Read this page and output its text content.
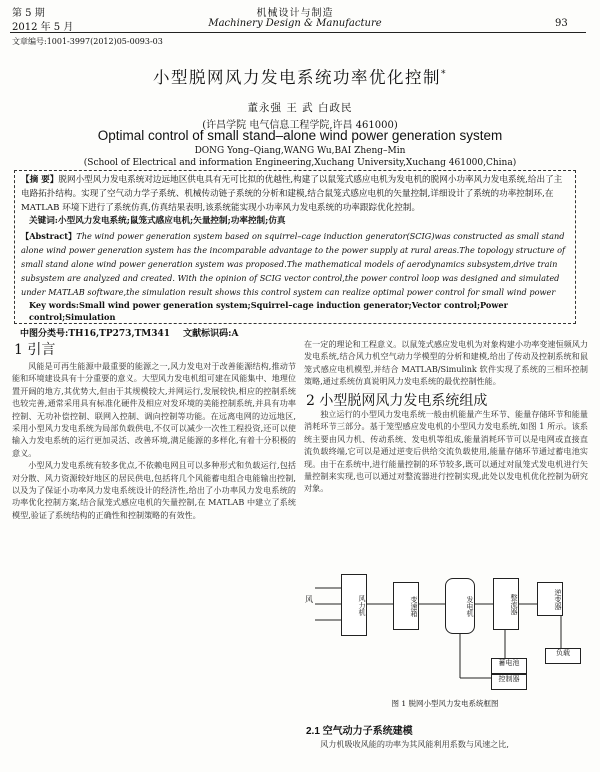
第 5 期
2012 年 5 月
机械设计与制造
Machinery Design & Manufacture	93
文章编号:1001-3997(2012)05-0093-03
小型脱网风力发电系统功率优化控制*
董永强 王 武 白政民
(许昌学院 电气信息工程学院,许昌 461000)
Optimal control of small stand–alone wind power generation system
DONG Yong–Qiang,WANG Wu,BAI Zheng–Min
(School of Electrical and information Engineering,Xuchang University,Xuchang 461000,China)
【摘 要】脱网小型风力发电系统对边远地区供电具有无可比拟的优越性,构建了以鼠笼式感应电机为发电机的脱网小功率风力发电系统,给出了主电路拓扑结构。实现了空气动力学子系统、机械传动链子系统的分析和建模,结合鼠笼式感应电机的矢量控制,详细设计了系统的功率控制环,在 MATLAB 环境下进行了系统仿真,仿真结果表明,该系统能实现小功率风力发电系统的功率跟踪优化控制。
关键词:小型风力发电系统;鼠笼式感应电机;矢量控制;功率控制;仿真
【Abstract】The wind power generation system based on squirrel–cage induction generator(SCIG)was constructed as small stand alone wind power generation system has the incomparable advantage to the power supply at rural areas.The topology structure of small stand alone wind power generation system was proposed.The mathematical models of aerodynamics subsystem,drive train subsystem are analyzed and created. With the opinion of SCIG vector control,the power control loop was designed and simulated under MATLAB software,the simulation result shows this control system can realize optimal power control for small wind power
Key words:Small wind power generation system;Squirrel–cage induction generator;Vector control;Power control;Simulation
中图分类号:TH16,TP273,TM341 文献标识码:A
1 引言

风能是可再生能源中最重要的能源之一,风力发电对于改善能源结构,推动节能和环境建设具有十分重要的意义。大型风力发电机组可建在风能集中、地理位置开阔的地方,其优势大,但由于其规模较大,并网运行,发展较快,相应的控制系统也较完善,通常采用具有标准化硬件及相应对发环境的美能控制系统,并具有功率控制、无功补偿控制、联网入控制、调向控制等功能。在远离电网的边远地区,采用小型风力发电系统为局部负载供电,不仅可以减少一次性工程投资,还可以使输入力发电系统的运行更加灵活、改善环境,满足能源的多样化,有着十分积极的意义。

小型风力发电系统有较多优点,不依赖电网且可以多种形式和负载运行,包括对分散、风力资源较好地区的居民供电,包括将几个风能蓄电组合电能输出控制,以及为了保证小功率风力发电系统设计的经济性,给出了小功率风力发电系统的功率优化控制方案,结合鼠笼式感应电机的矢量控制,在 MATLAB 中建立了系统模型,验证了系统结构的正确性和控制策略的有效性。

在一定的理论和工程意义。以鼠笼式感应发电机为对象构建小功率变速恒频风力发电系统,结合风力机空气动力学模型的分析和建模,给出了传动及控制系统和鼠笼式感应电机模型,并结合 MATLAB/Simulink 软件实现了系统的三相环控制策略,通过系统仿真说明风力发电系统的最优控制性能。
2 小型脱网风力发电系统组成
独立运行的小型风力发电系统一般由机能量产生环节、能量存储环节和能量消耗环节三部分。基于笼型感应发电机的小型风力发电系统,如图 1 所示。该系统主要由风力机、传动系统、发电机等组成,能量消耗环节可以是电网或直接直流负载终端,它可以是通过逆变后供给交流负载使用,能量存储环节通过蓄电池实现。由于在系统中,进行能量控制的环节较多,既可以通过对鼠笼式发电机进行矢量控制来实现,也可以通过对整流器进行控制实现,此处以发电机优化控制为研究对象。
风	风力机	变速箱	发电机	整流器	逆变器
负载
蓄电池
控制器
图 1 脱网小型风力发电系统框图
2.1 空气动力子系统建模
风力机吸收风能的功率为其风能利用系数与风速之比,
